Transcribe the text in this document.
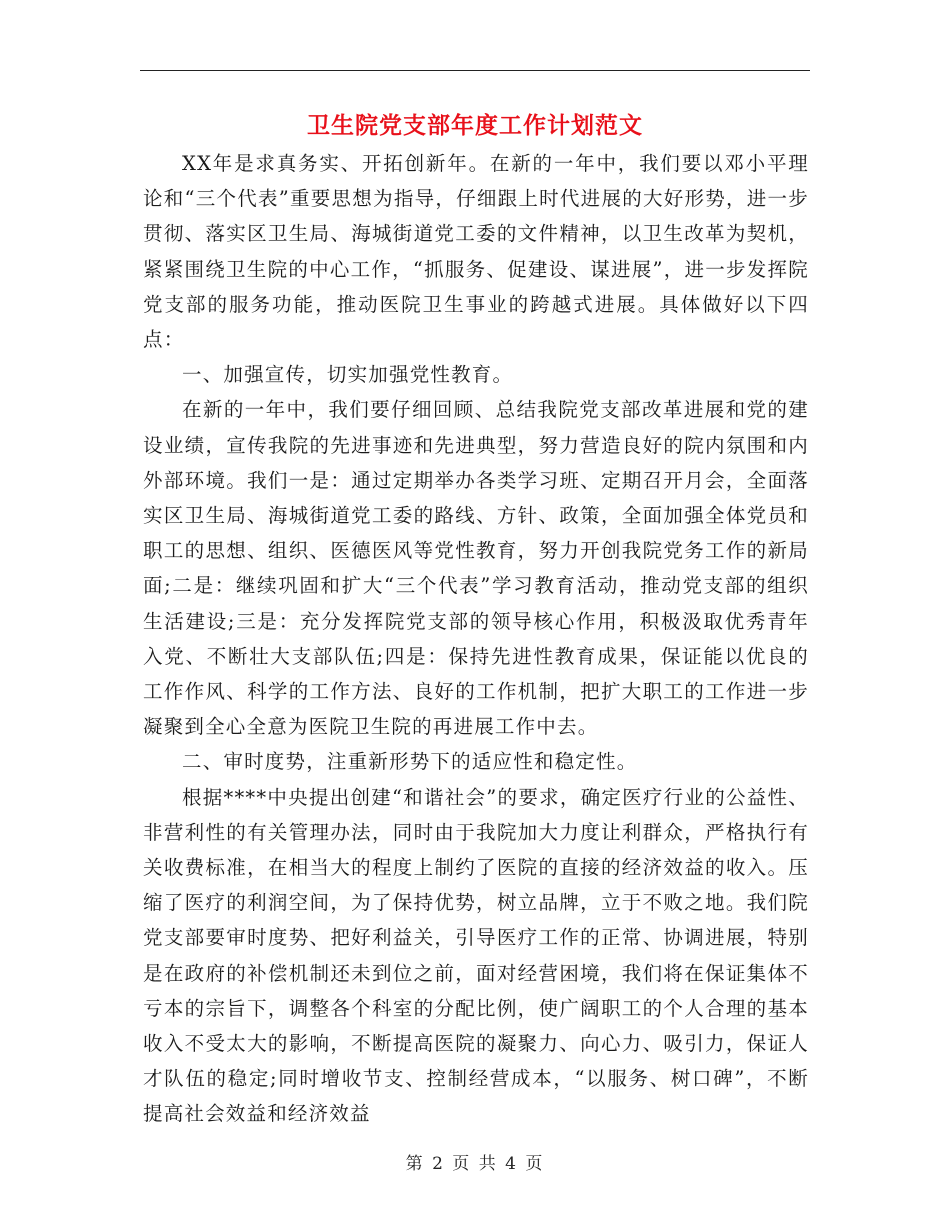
卫生院党支部年度工作计划范文

XX年是求真务实、开拓创新年。在新的一年中，我们要以邓小平理论和“三个代表”重要思想为指导，仔细跟上时代进展的大好形势，进一步贯彻、落实区卫生局、海城街道党工委的文件精神，以卫生改革为契机，紧紧围绕卫生院的中心工作，“抓服务、促建设、谋进展”，进一步发挥院党支部的服务功能，推动医院卫生事业的跨越式进展。具体做好以下四点：

一、加强宣传，切实加强党性教育。

在新的一年中，我们要仔细回顾、总结我院党支部改革进展和党的建设业绩，宣传我院的先进事迹和先进典型，努力营造良好的院内氛围和内外部环境。我们一是：通过定期举办各类学习班、定期召开月会，全面落实区卫生局、海城街道党工委的路线、方针、政策，全面加强全体党员和职工的思想、组织、医德医风等党性教育，努力开创我院党务工作的新局面;二是：继续巩固和扩大“三个代表”学习教育活动，推动党支部的组织生活建设;三是：充分发挥院党支部的领导核心作用，积极汲取优秀青年入党、不断壮大支部队伍;四是：保持先进性教育成果，保证能以优良的工作作风、科学的工作方法、良好的工作机制，把扩大职工的工作进一步凝聚到全心全意为医院卫生院的再进展工作中去。

二、审时度势，注重新形势下的适应性和稳定性。

根据****中央提出创建“和谐社会”的要求，确定医疗行业的公益性、非营利性的有关管理办法，同时由于我院加大力度让利群众，严格执行有关收费标准，在相当大的程度上制约了医院的直接的经济效益的收入。压缩了医疗的利润空间，为了保持优势，树立品牌，立于不败之地。我们院党支部要审时度势、把好利益关，引导医疗工作的正常、协调进展，特别是在政府的补偿机制还未到位之前，面对经营困境，我们将在保证集体不亏本的宗旨下，调整各个科室的分配比例，使广阔职工的个人合理的基本收入不受太大的影响，不断提高医院的凝聚力、向心力、吸引力，保证人才队伍的稳定;同时增收节支、控制经营成本，“以服务、树口碑”，不断提高社会效益和经济效益

第 2 页 共 4 页
